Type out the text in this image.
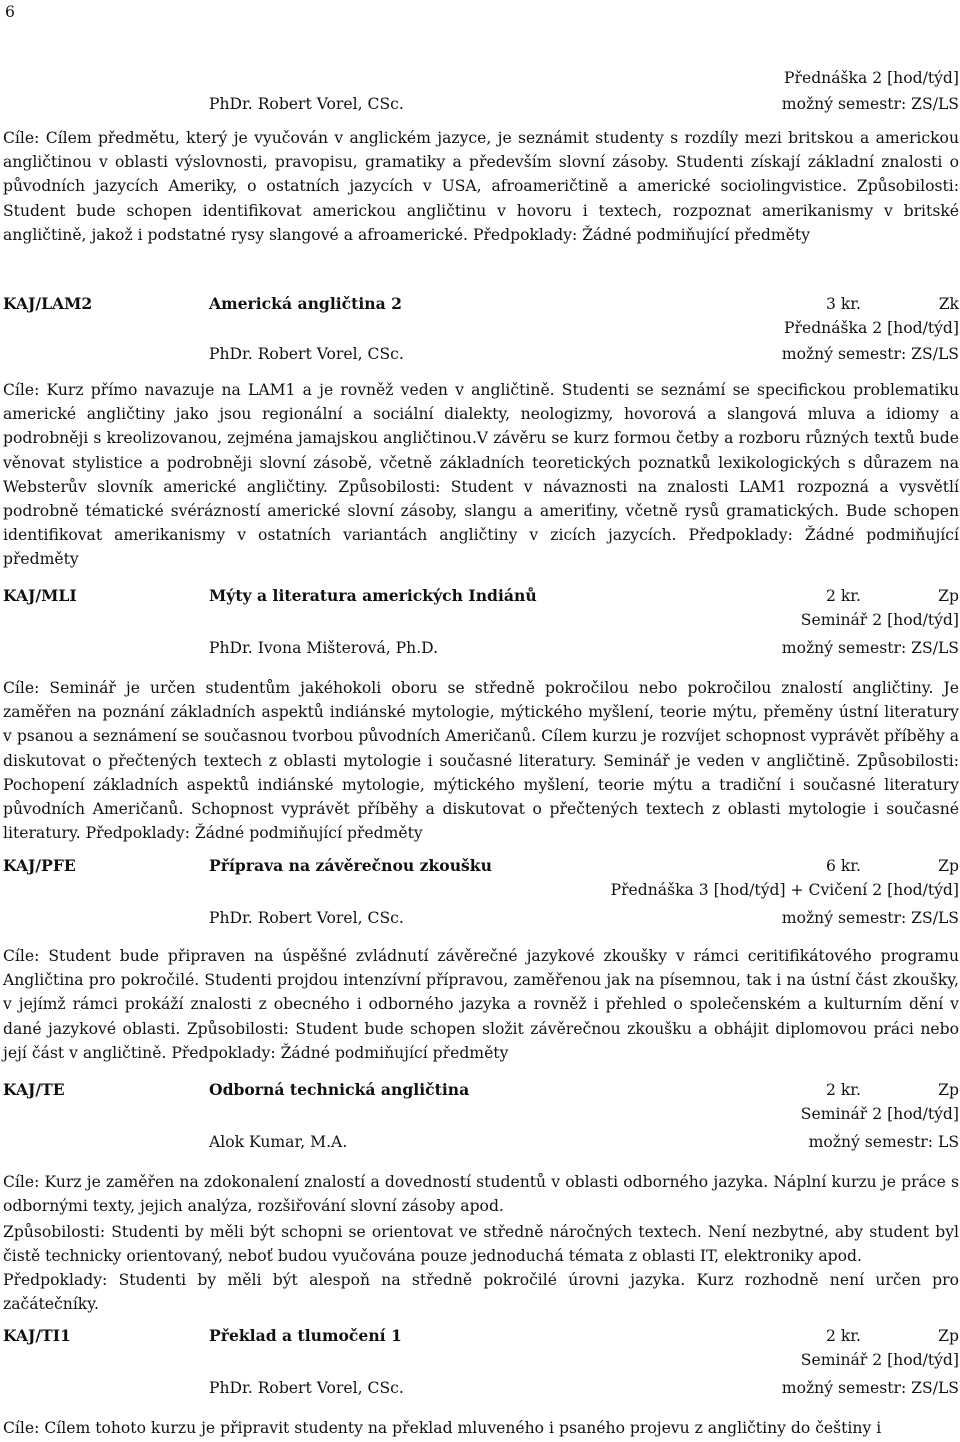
6
Přednáška 2 [hod/týd]
PhDr. Robert Vorel, CSc.	možný semestr: ZS/LS
Cíle: Cílem předmětu, který je vyučován v anglickém jazyce, je seznámit studenty s rozdíly mezi britskou a americkou angličtinou v oblasti výslovnosti, pravopisu, gramatiky a především slovní zásoby. Studenti získají základní znalosti o původních jazycích Ameriky, o ostatních jazycích v USA, afroameričtině a americké sociolingvistice. Způsobilosti: Student bude schopen identifikovat americkou angličtinu v hovoru i textech, rozpoznat amerikanismy v britské angličtině, jakož i podstatné rysy slangové a afroamerické. Předpoklady: Žádné podmiňující předměty
KAJ/LAM2	Americká angličtina 2	3 kr.	Zk
Přednáška 2 [hod/týd]
PhDr. Robert Vorel, CSc.	možný semestr: ZS/LS
Cíle: Kurz přímo navazuje na LAM1 a je rovněž veden v angličtině. Studenti se seznámí se specifickou problematiku americké angličtiny jako jsou regionální a sociální dialekty, neologizmy, hovorová a slangová mluva a idiomy a podrobněji s kreolizovanou, zejména jamajskou angličtinou.V závěru se kurz formou četby a rozboru různých textů bude věnovat stylistice a podrobněji slovní zásobě, včetně základních teoretických poznatků lexikologických s důrazem na Websterův slovník americké angličtiny. Způsobilosti: Student v návaznosti na znalosti LAM1 rozpozná a vysvětlí podrobně tématické svérázností americké slovní zásoby, slangu a ameriťiny, včetně rysů gramatických. Bude schopen identifikovat amerikanismy v ostatních variantách angličtiny v zicích jazycích. Předpoklady: Žádné podmiňující předměty
KAJ/MLI	Mýty a literatura amerických Indiánů	2 kr.	Zp
Seminář 2 [hod/týd]
PhDr. Ivona Mišterová, Ph.D.	možný semestr: ZS/LS
Cíle: Seminář je určen studentům jakéhokoli oboru se středně pokročilou nebo pokročilou znalostí angličtiny. Je zaměřen na poznání základních aspektů indiánské mytologie, mýtického myšlení, teorie mýtu, přeměny ústní literatury v psanou a seznámení se současnou tvorbou původních Američanů. Cílem kurzu je rozvíjet schopnost vyprávět příběhy a diskutovat o přečtených textech z oblasti mytologie i současné literatury. Seminář je veden v angličtině. Způsobilosti: Pochopení základních aspektů indiánské mytologie, mýtického myšlení, teorie mýtu a tradiční i současné literatury původních Američanů. Schopnost vyprávět příběhy a diskutovat o přečtených textech z oblasti mytologie i současné literatury. Předpoklady: Žádné podmiňující předměty
KAJ/PFE	Příprava na závěrečnou zkoušku	6 kr.	Zp
Přednáška 3 [hod/týd] + Cvičení 2 [hod/týd]
PhDr. Robert Vorel, CSc.	možný semestr: ZS/LS
Cíle: Student bude připraven na úspěšné zvládnutí závěrečné jazykové zkoušky v rámci ceritifikátového programu Angličtina pro pokročilé. Studenti projdou intenzívní přípravou, zaměřenou jak na písemnou, tak i na ústní část zkoušky, v jejímž rámci prokáží znalosti z obecného i odborného jazyka a rovněž i přehled o společenském a kulturním dění v dané jazykové oblasti. Způsobilosti: Student bude schopen složit závěrečnou zkoušku a obhájit diplomovou práci nebo její část v angličtině. Předpoklady: Žádné podmiňující předměty
KAJ/TE	Odborná technická angličtina	2 kr.	Zp
Seminář 2 [hod/týd]
Alok Kumar, M.A.	možný semestr: LS
Cíle: Kurz je zaměřen na zdokonalení znalostí a dovedností studentů v oblasti odborného jazyka. Náplní kurzu je práce s odbornými texty, jejich analýza, rozšiřování slovní zásoby apod.
Způsobilosti: Studenti by měli být schopni se orientovat ve středně náročných textech. Není nezbytné, aby student byl čistě technicky orientovaný, neboť budou vyučována pouze jednoduchá témata z oblasti IT, elektroniky apod.
Předpoklady: Studenti by měli být alespoň na středně pokročilé úrovni jazyka. Kurz rozhodně není určen pro začátečníky.
KAJ/TI1	Překlad a tlumočení 1	2 kr.	Zp
Seminář 2 [hod/týd]
PhDr. Robert Vorel, CSc.	možný semestr: ZS/LS
Cíle: Cílem tohoto kurzu je připravit studenty na překlad mluveného i psaného projevu z angličtiny do češtiny i
